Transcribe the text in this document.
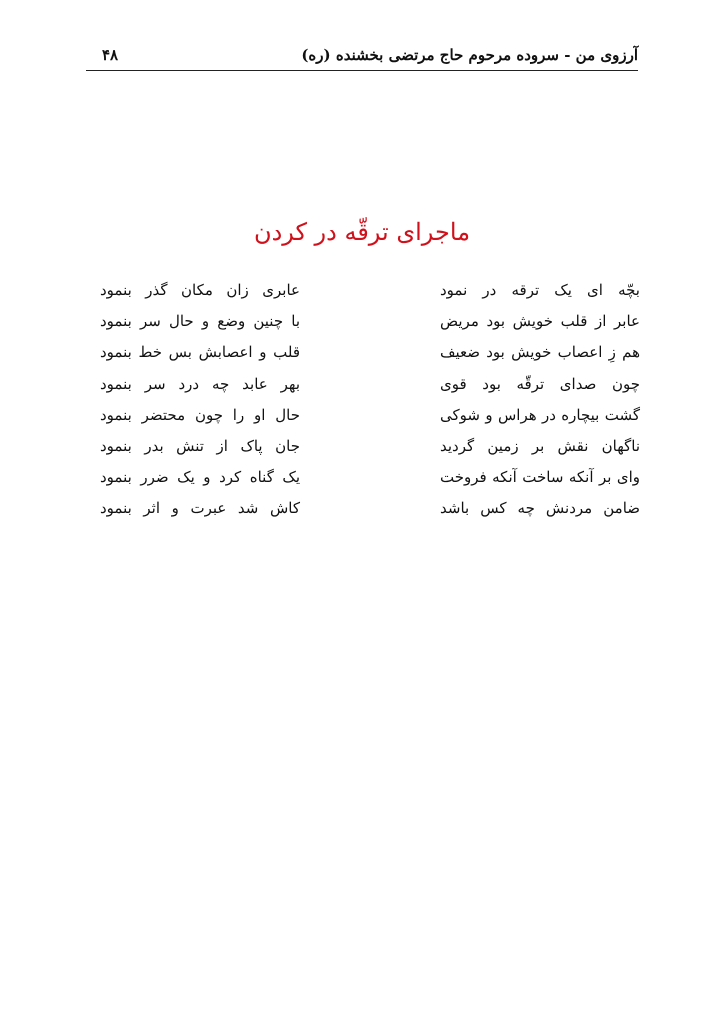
آرزوی من - سروده مرحوم حاج مرتضی بخشنده (ره)
۴۸
ماجرای ترقّه در کردن
بچّه ای یک ترقه در نمود
عابری زان مکان گذر بنمود
عابر از قلب خویش بود مریض
با چنین وضع و حال سر بنمود
هم زِ اعصاب خویش بود ضعیف
قلب و اعصابش بس خط بنمود
چون صدای ترقّه بود قوی
بهر عابد چه درد سر بنمود
گشت بیچاره در هراس و شوکی
حال او را چون محتضر بنمود
ناگهان نقش بر زمین گردید
جان پاک از تنش بدر بنمود
وای بر آنکه ساخت آنکه فروخت
یک گناه کرد و یک ضرر بنمود
ضامن مردنش چه کس باشد
کاش شد عبرت و اثر بنمود
